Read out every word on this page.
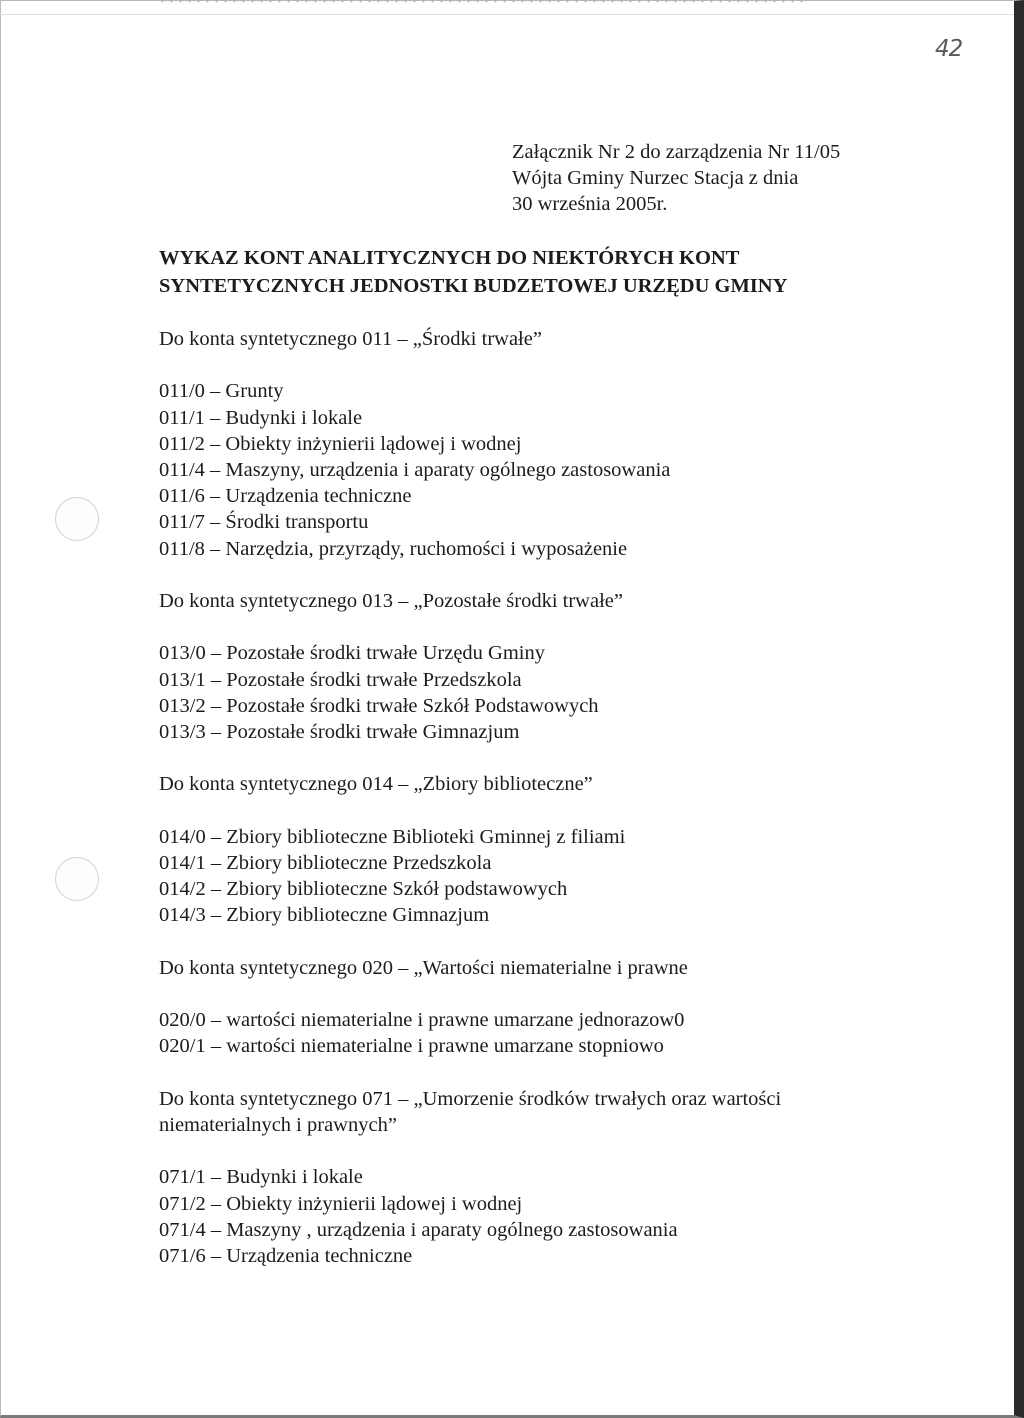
42
Załącznik Nr 2 do zarządzenia Nr 11/05
Wójta Gminy Nurzec Stacja z dnia
30 września 2005r.
WYKAZ KONT ANALITYCZNYCH DO NIEKTÓRYCH KONT
SYNTETYCZNYCH JEDNOSTKI BUDZETOWEJ URZĘDU GMINY
Do konta syntetycznego 011 – „Środki trwałe”
011/0 – Grunty
011/1 – Budynki i lokale
011/2 – Obiekty inżynierii lądowej i wodnej
011/4 – Maszyny, urządzenia i aparaty ogólnego zastosowania
011/6 – Urządzenia techniczne
011/7 – Środki transportu
011/8 – Narzędzia, przyrządy, ruchomości i wyposażenie
Do konta syntetycznego 013 – „Pozostałe środki trwałe”
013/0 – Pozostałe środki trwałe Urzędu Gminy
013/1 – Pozostałe środki trwałe Przedszkola
013/2 – Pozostałe środki trwałe Szkół Podstawowych
013/3 – Pozostałe środki trwałe Gimnazjum
Do konta syntetycznego 014 – „Zbiory biblioteczne”
014/0 – Zbiory biblioteczne Biblioteki Gminnej z filiami
014/1 – Zbiory biblioteczne Przedszkola
014/2 – Zbiory biblioteczne Szkół podstawowych
014/3 – Zbiory biblioteczne Gimnazjum
Do konta syntetycznego 020 – „Wartości niematerialne i prawne
020/0 – wartości niematerialne i prawne umarzane jednorazow0
020/1 – wartości niematerialne i prawne umarzane stopniowo
Do konta syntetycznego 071 – „Umorzenie środków trwałych oraz wartości niematerialnych i prawnych”
071/1 – Budynki i lokale
071/2 – Obiekty inżynierii lądowej i wodnej
071/4 – Maszyny , urządzenia i aparaty ogólnego zastosowania
071/6 – Urządzenia techniczne
